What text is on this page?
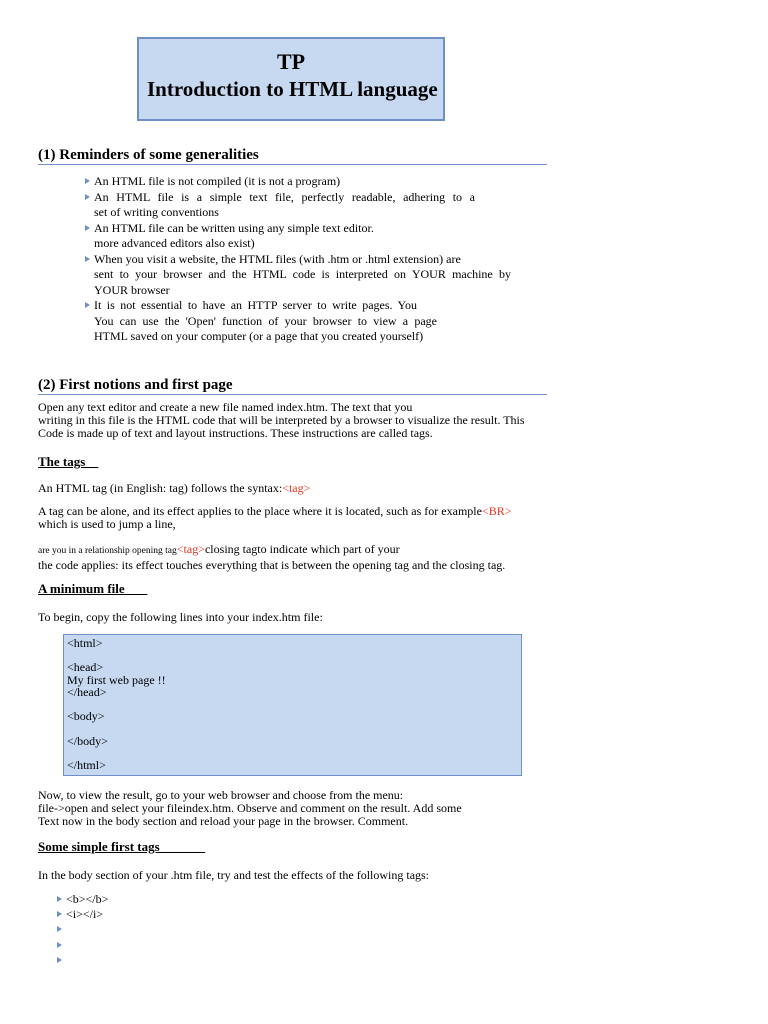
TP
Introduction to HTML language
(1) Reminders of some generalities
An HTML file is not compiled (it is not a program)
An HTML file is a simple text file, perfectly readable, adhering to a
set of writing conventions
An HTML file can be written using any simple text editor.
more advanced editors also exist)
When you visit a website, the HTML files (with .htm or .html extension) are
sent to your browser and the HTML code is interpreted on YOUR machine by
YOUR browser
It is not essential to have an HTTP server to write pages. You
You can use the 'Open' function of your browser to view a page
HTML saved on your computer (or a page that you created yourself)
(2) First notions and first page
Open any text editor and create a new file named index.htm. The text that you
writing in this file is the HTML code that will be interpreted by a browser to visualize the result. This
Code is made up of text and layout instructions. These instructions are called tags.
The tags
An HTML tag (in English: tag) follows the syntax:<tag>
A tag can be alone, and its effect applies to the place where it is located, such as for example<BR>
which is used to jump a line,
are you in a relationship opening tag<tag>closing tagto indicate which part of your
the code applies: its effect touches everything that is between the opening tag and the closing tag.
A minimum file
To begin, copy the following lines into your index.htm file:
<html>
<head>
My first web page !!
</head>
<body>
</body>
</html>
Now, to view the result, go to your web browser and choose from the menu:
file->open and select your fileindex.htm. Observe and comment on the result. Add some
Text now in the body section and reload your page in the browser. Comment.
Some simple first tags
In the body section of your .htm file, try and test the effects of the following tags:
<b></b>
<i></i>
